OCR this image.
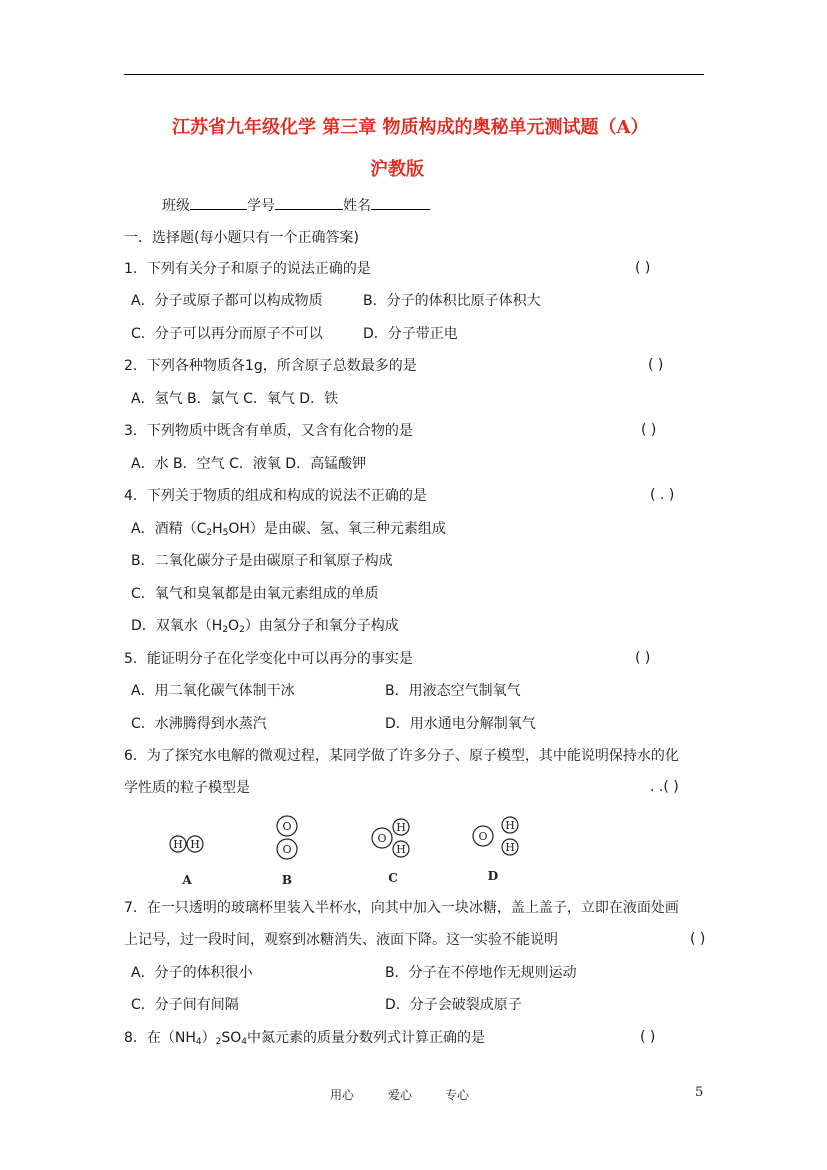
江苏省九年级化学 第三章 物质构成的奥秘单元测试题（A）
沪教版
班级	学号	姓名
一．选择题(每小题只有一个正确答案)
1．下列有关分子和原子的说法正确的是	( )
A．分子或原子都可以构成物质	B．分子的体积比原子体积大
C．分子可以再分而原子不可以	D．分子带正电
2．下列各种物质各1g，所含原子总数最多的是	( )
A．氢气 B．氯气 C．氧气 D．铁
3．下列物质中既含有单质，又含有化合物的是	( )
A．水 B．空气 C．液氧 D．高锰酸钾
4．下列关于物质的组成和构成的说法不正确的是	( . )
A．酒精$(C_2H_5OH)$是由碳、氢、氧三种元素组成
B．二氧化碳分子是由碳原子和氧原子构成
C．氧气和臭氧都是由氧元素组成的单质
D．双氧水$(H_2O_2)$由氢分子和氧分子构成
5．能证明分子在化学变化中可以再分的事实是	( )
A．用二氧化碳气体制干冰	B．用液态空气制氧气
C．水沸腾得到水蒸汽	D．用水通电分解制氧气
6．为了探究水电解的微观过程，某同学做了许多分子、原子模型，其中能说明保持水的化
学性质的粒子模型是	. .( )
H H
O
O
O
H
H
O
H
H
A	B	C	D
7．在一只透明的玻璃杯里装入半杯水，向其中加入一块冰糖，盖上盖子，立即在液面处画
上记号，过一段时间，观察到冰糖消失、液面下降。这一实验不能说明	( )
A．分子的体积很小	B．分子在不停地作无规则运动
C．分子间有间隔	D．分子会破裂成原子
8．在$(NH_4)_2SO_4$中氮元素的质量分数列式计算正确的是	( )
用心	爱心	专心	5
